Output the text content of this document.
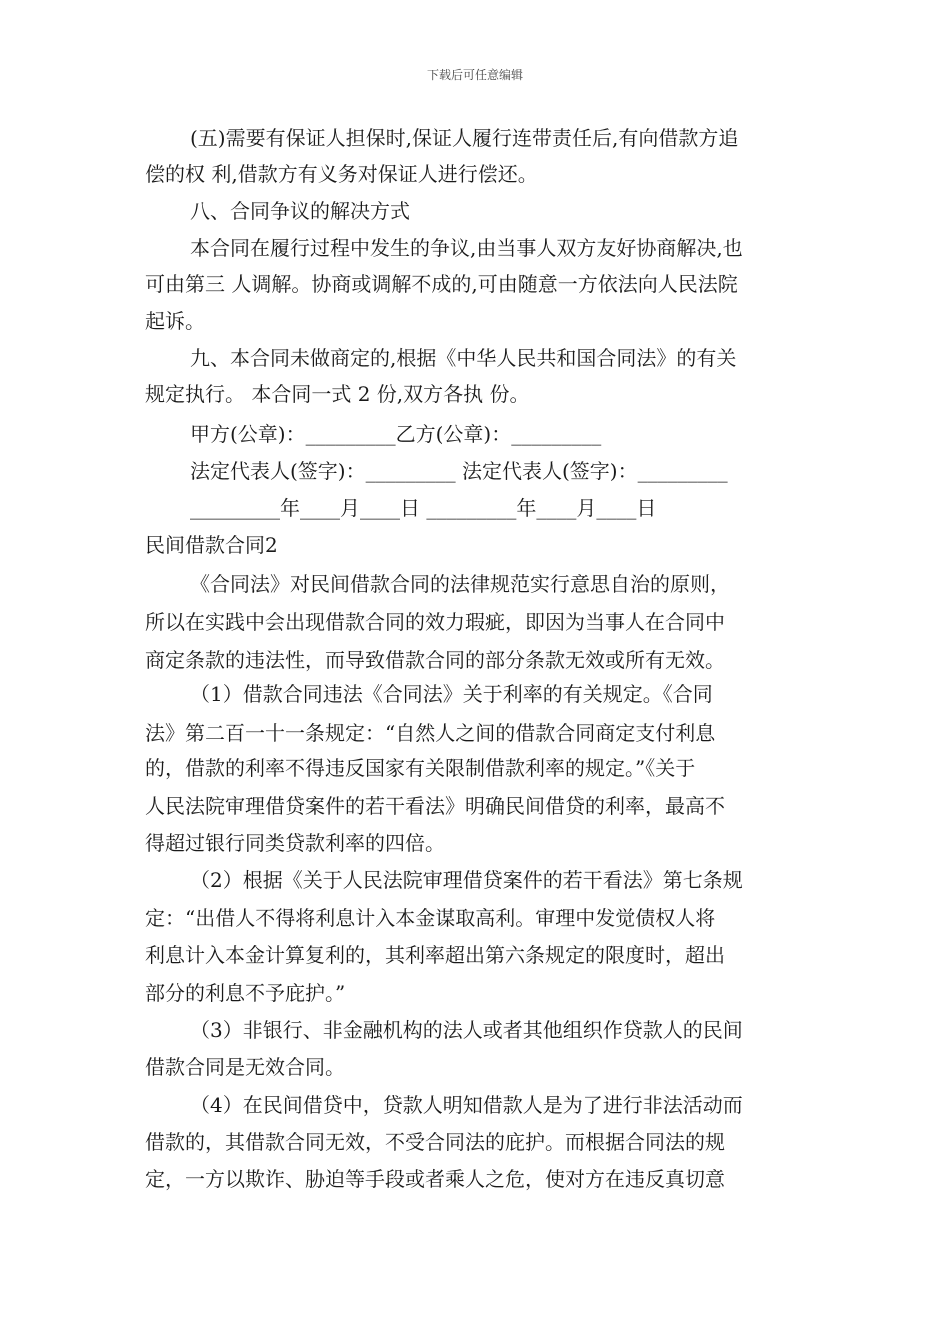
下载后可任意编辑
(五)需要有保证人担保时,保证人履行连带责任后,有向借款方追
偿的权 利,借款方有义务对保证人进行偿还。
八、合同争议的解决方式
本合同在履行过程中发生的争议,由当事人双方友好协商解决,也
可由第三 人调解。协商或调解不成的,可由随意一方依法向人民法院
起诉。
九、本合同未做商定的,根据《中华人民共和国合同法》的有关
规定执行。 本合同一式 2 份,双方各执 份。
甲方(公章)：_________乙方(公章)：_________
法定代表人(签字)：_________ 法定代表人(签字)：_________
_________年____月____日 _________年____月____日
民间借款合同2
《合同法》对民间借款合同的法律规范实行意思自治的原则，
所以在实践中会出现借款合同的效力瑕疵，即因为当事人在合同中
商定条款的违法性，而导致借款合同的部分条款无效或所有无效。
（1）借款合同违法《合同法》关于利率的有关规定。《合同
法》第二百一十一条规定：“自然人之间的借款合同商定支付利息
的，借款的利率不得违反国家有关限制借款利率的规定。”《关于
人民法院审理借贷案件的若干看法》明确民间借贷的利率，最高不
得超过银行同类贷款利率的四倍。
（2）根据《关于人民法院审理借贷案件的若干看法》第七条规
定：“出借人不得将利息计入本金谋取高利。审理中发觉债权人将
利息计入本金计算复利的，其利率超出第六条规定的限度时，超出
部分的利息不予庇护。”
（3）非银行、非金融机构的法人或者其他组织作贷款人的民间
借款合同是无效合同。
（4）在民间借贷中，贷款人明知借款人是为了进行非法活动而
借款的，其借款合同无效，不受合同法的庇护。而根据合同法的规
定，一方以欺诈、胁迫等手段或者乘人之危，使对方在违反真切意
